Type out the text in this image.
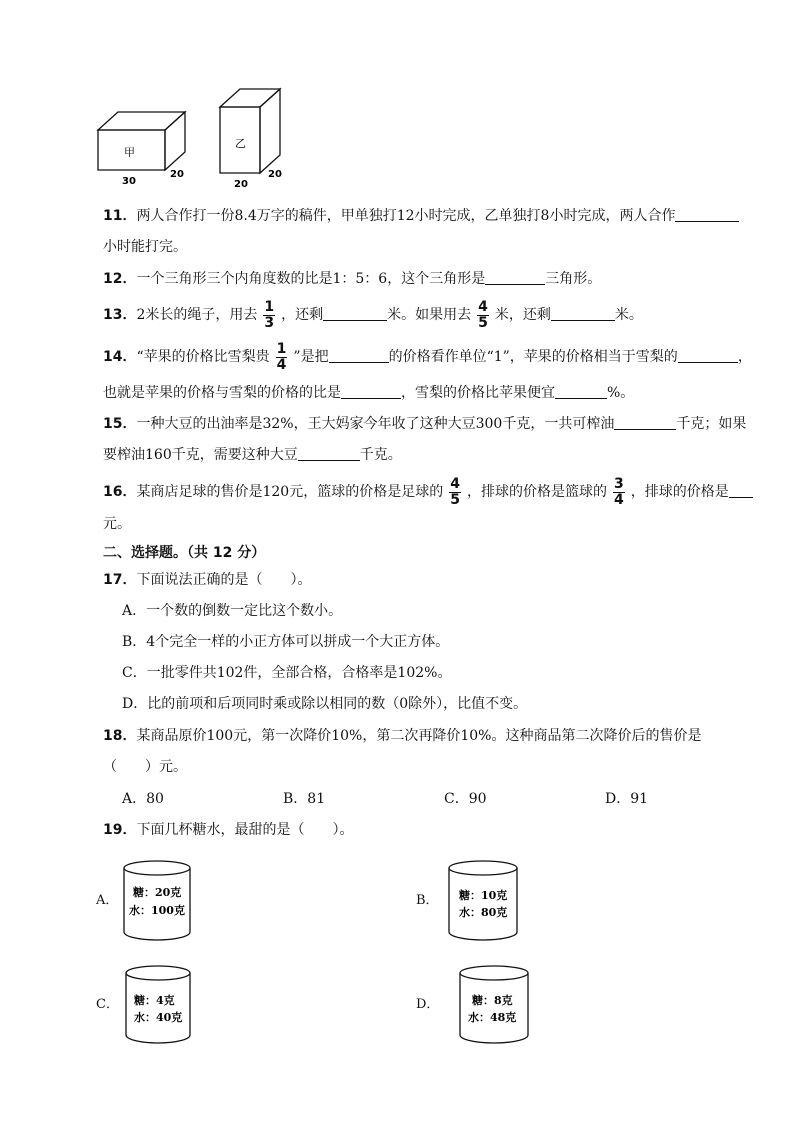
甲
30
20
乙
20
20
11．两人合作打一份8.4万字的稿件，甲单独打12小时完成，乙单独打8小时完成，两人合作
小时能打完。
12．一个三角形三个内角度数的比是1：5：6，这个三角形是	三角形。
13．2米长的绳子，用去 $\frac{1}{3}$ ，还剩	米。如果用去 $\frac{4}{5}$ 米，还剩	米。
14．“苹果的价格比雪梨贵 $\frac{1}{4}$ ”是把	的价格看作单位“1”，苹果的价格相当于雪梨的	，
也就是苹果的价格与雪梨的价格的比是	，雪梨的价格比苹果便宜	%。
15．一种大豆的出油率是32%，王大妈家今年收了这种大豆300千克，一共可榨油	千克；如果
要榨油160千克，需要这种大豆	千克。
16．某商店足球的售价是120元，篮球的价格是足球的 $\frac{4}{5}$ ，排球的价格是篮球的 $\frac{3}{4}$ ，排球的价格是
元。
二、选择题。（共 12 分）
17．下面说法正确的是（　　）。
A．一个数的倒数一定比这个数小。
B．4个完全一样的小正方体可以拼成一个大正方体。
C．一批零件共102件，全部合格，合格率是102%。
D．比的前项和后项同时乘或除以相同的数（0除外），比值不变。
18．某商品原价100元，第一次降价10%，第二次再降价10%。这种商品第二次降价后的售价是
（　　）元。
A．80	B．81	C．90	D．91
19．下面几杯糖水，最甜的是（　　）。
A．
糖：20克
水：100克
B． 糖：10克
水：80克
C． 糖：4克
水：40克
D．	糖：8克
水：48克
